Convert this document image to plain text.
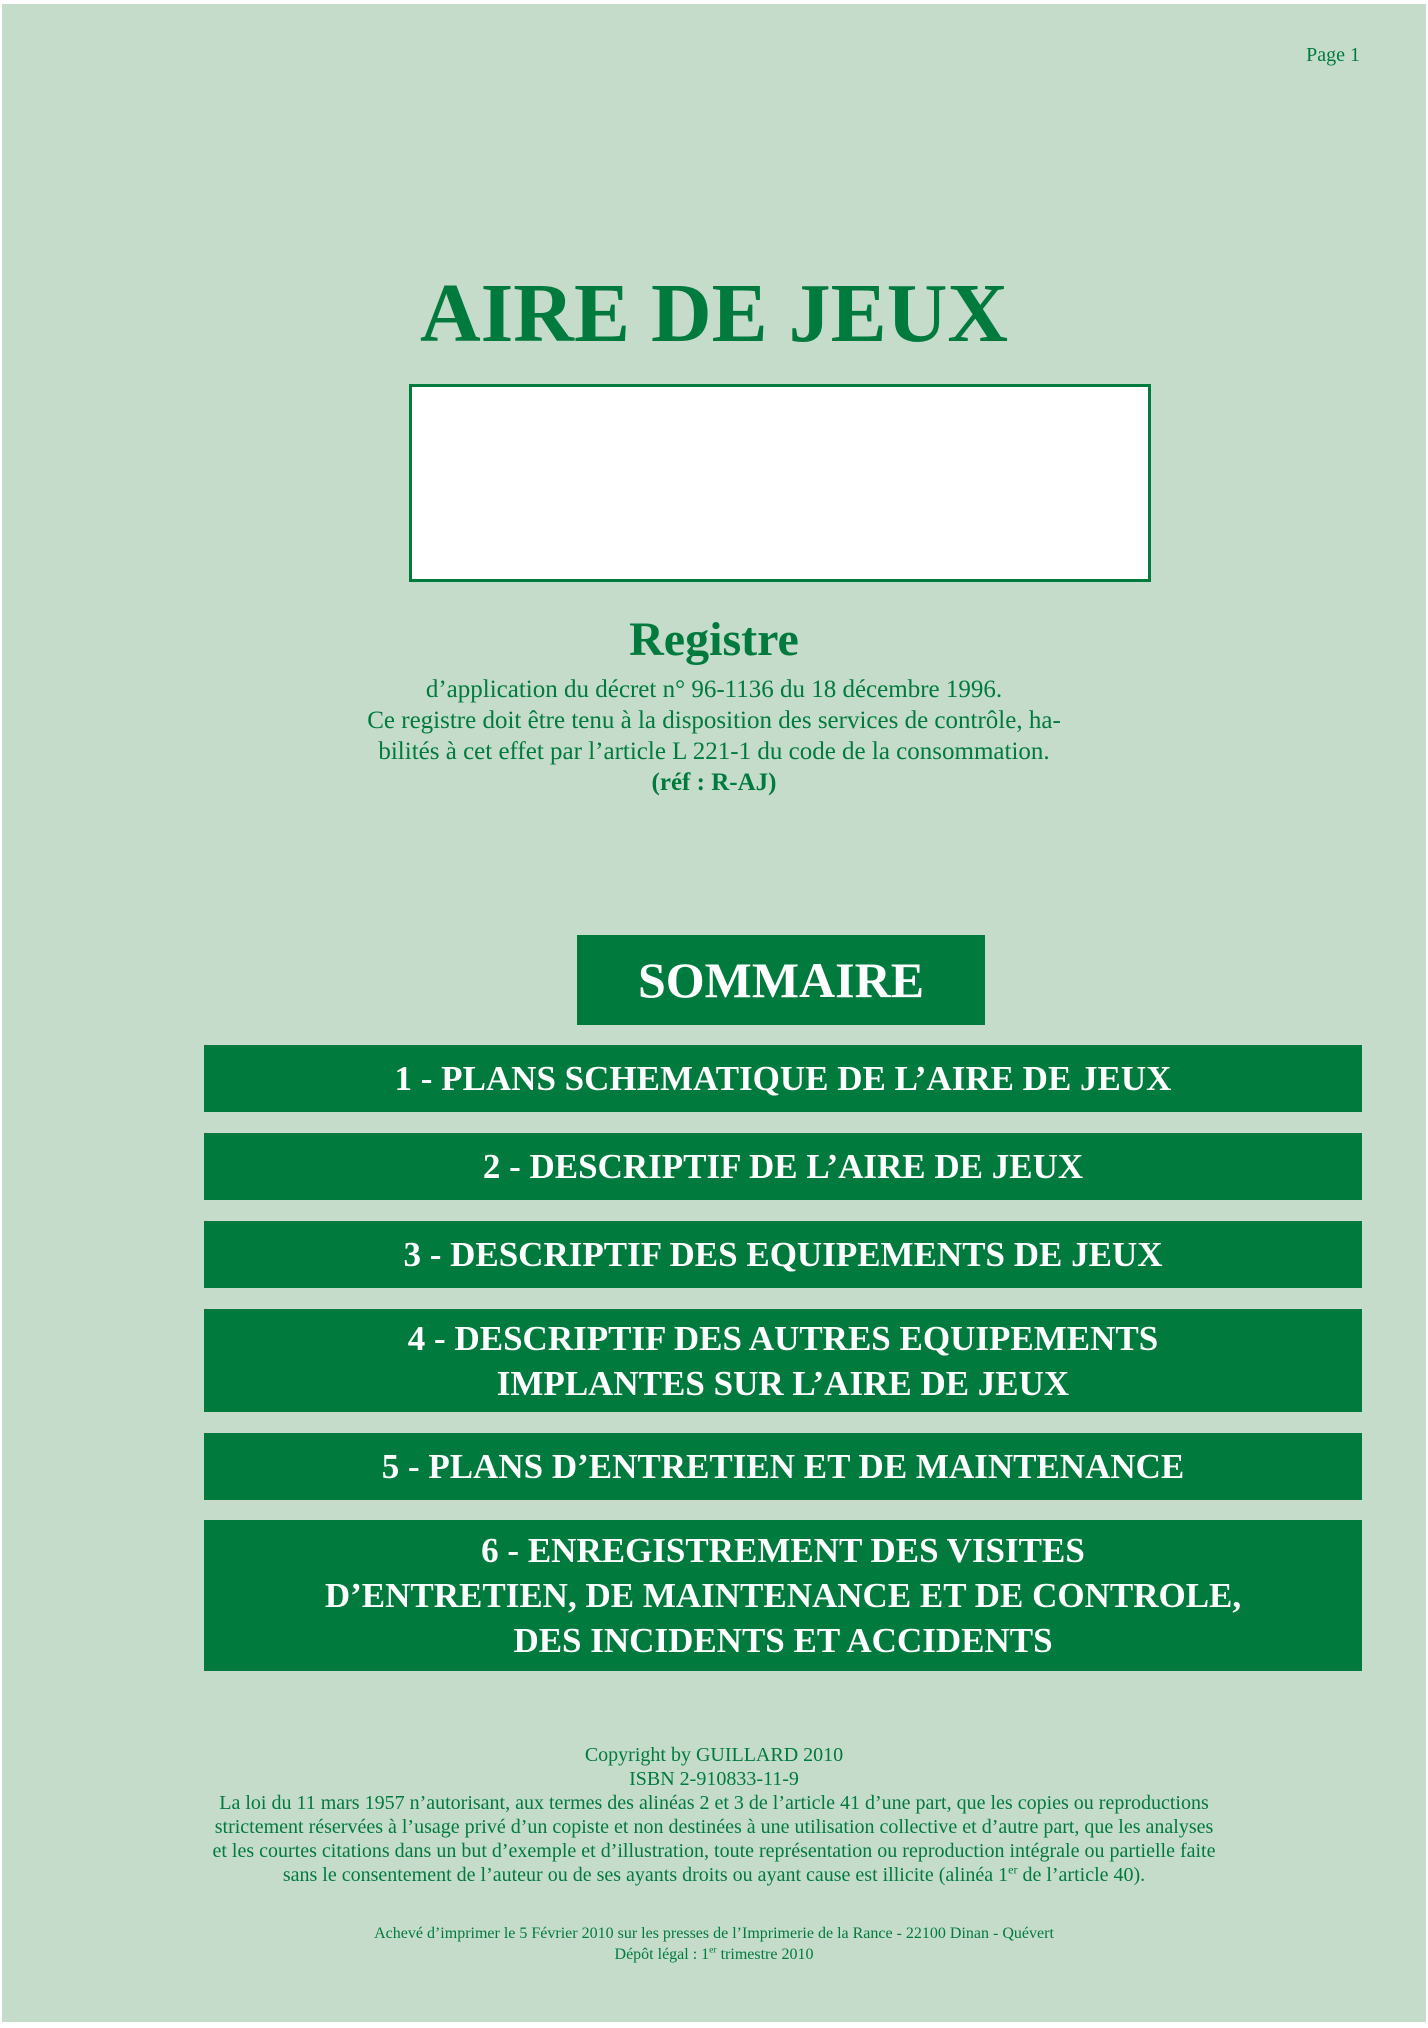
Page 1
AIRE DE JEUX
Registre
d’application du décret n° 96-1136 du 18 décembre 1996.
Ce registre doit être tenu à la disposition des services de contrôle, ha-
bilités à cet effet par l’article L 221-1 du code de la consommation.
(réf : R-AJ)
SOMMAIRE
1 - PLANS SCHEMATIQUE DE L’AIRE DE JEUX
2 - DESCRIPTIF DE L’AIRE DE JEUX
3 - DESCRIPTIF DES EQUIPEMENTS DE JEUX
4 - DESCRIPTIF DES AUTRES EQUIPEMENTS
IMPLANTES SUR L’AIRE DE JEUX
5 - PLANS D’ENTRETIEN ET DE MAINTENANCE
6 - ENREGISTREMENT DES VISITES
D’ENTRETIEN, DE MAINTENANCE ET DE CONTROLE,
DES INCIDENTS ET ACCIDENTS
Copyright by GUILLARD 2010
ISBN 2-910833-11-9
La loi du 11 mars 1957 n’autorisant, aux termes des alinéas 2 et 3 de l’article 41 d’une part, que les copies ou reproductions
strictement réservées à l’usage privé d’un copiste et non destinées à une utilisation collective et d’autre part, que les analyses
et les courtes citations dans un but d’exemple et d’illustration, toute représentation ou reproduction intégrale ou partielle faite
sans le consentement de l’auteur ou de ses ayants droits ou ayant cause est illicite (alinéa 1er de l’article 40).
Achevé d’imprimer le 5 Février 2010 sur les presses de l’Imprimerie de la Rance - 22100 Dinan - Quévert
Dépôt légal : 1er trimestre 2010
